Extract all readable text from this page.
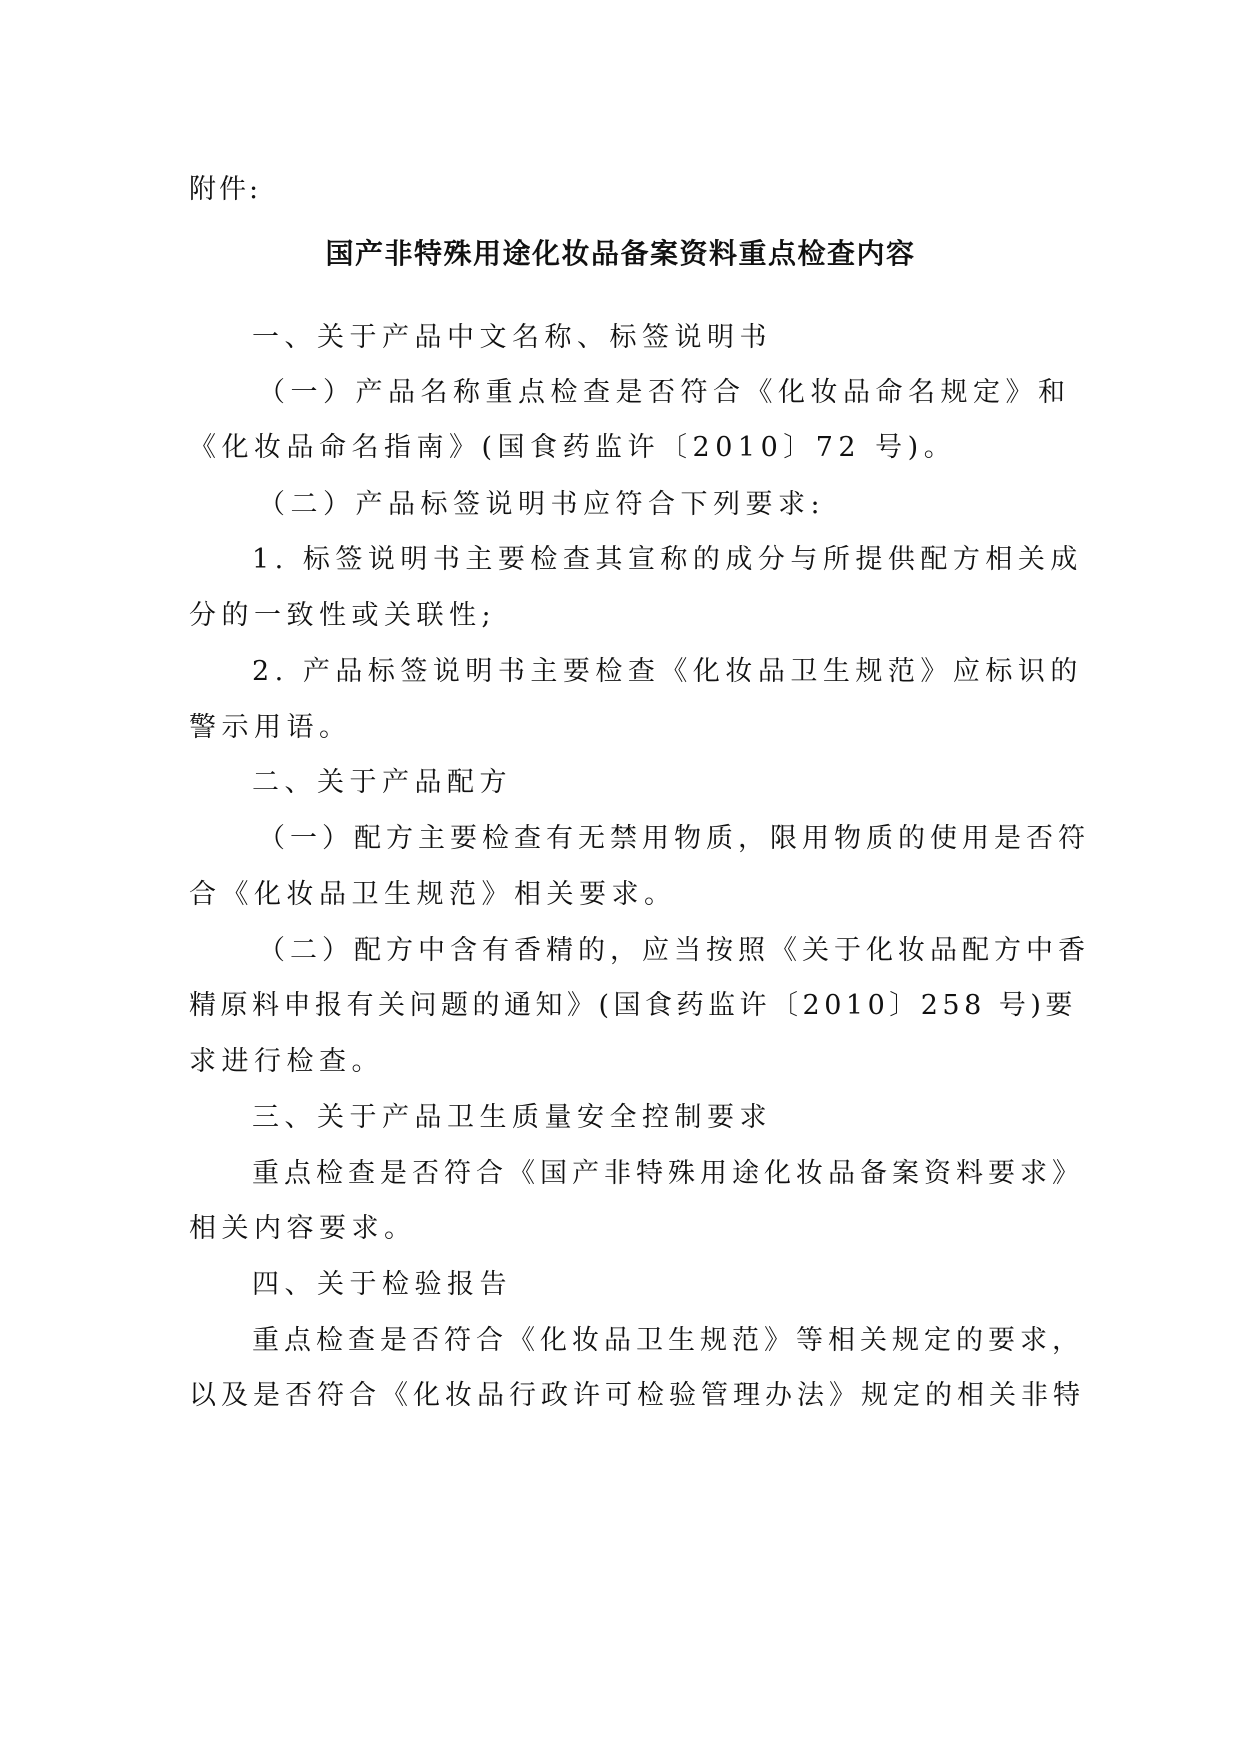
附件:
国产非特殊用途化妆品备案资料重点检查内容
一、关于产品中文名称、标签说明书
（一）产品名称重点检查是否符合《化妆品命名规定》和
《化妆品命名指南》(国食药监许〔2010〕72 号)。
（二）产品标签说明书应符合下列要求:
1. 标签说明书主要检查其宣称的成分与所提供配方相关成
分的一致性或关联性;
2. 产品标签说明书主要检查《化妆品卫生规范》应标识的
警示用语。
二、关于产品配方
（一）配方主要检查有无禁用物质，限用物质的使用是否符
合《化妆品卫生规范》相关要求。
（二）配方中含有香精的，应当按照《关于化妆品配方中香
精原料申报有关问题的通知》(国食药监许〔2010〕258 号)要
求进行检查。
三、关于产品卫生质量安全控制要求
重点检查是否符合《国产非特殊用途化妆品备案资料要求》
相关内容要求。
四、关于检验报告
重点检查是否符合《化妆品卫生规范》等相关规定的要求，
以及是否符合《化妆品行政许可检验管理办法》规定的相关非特
